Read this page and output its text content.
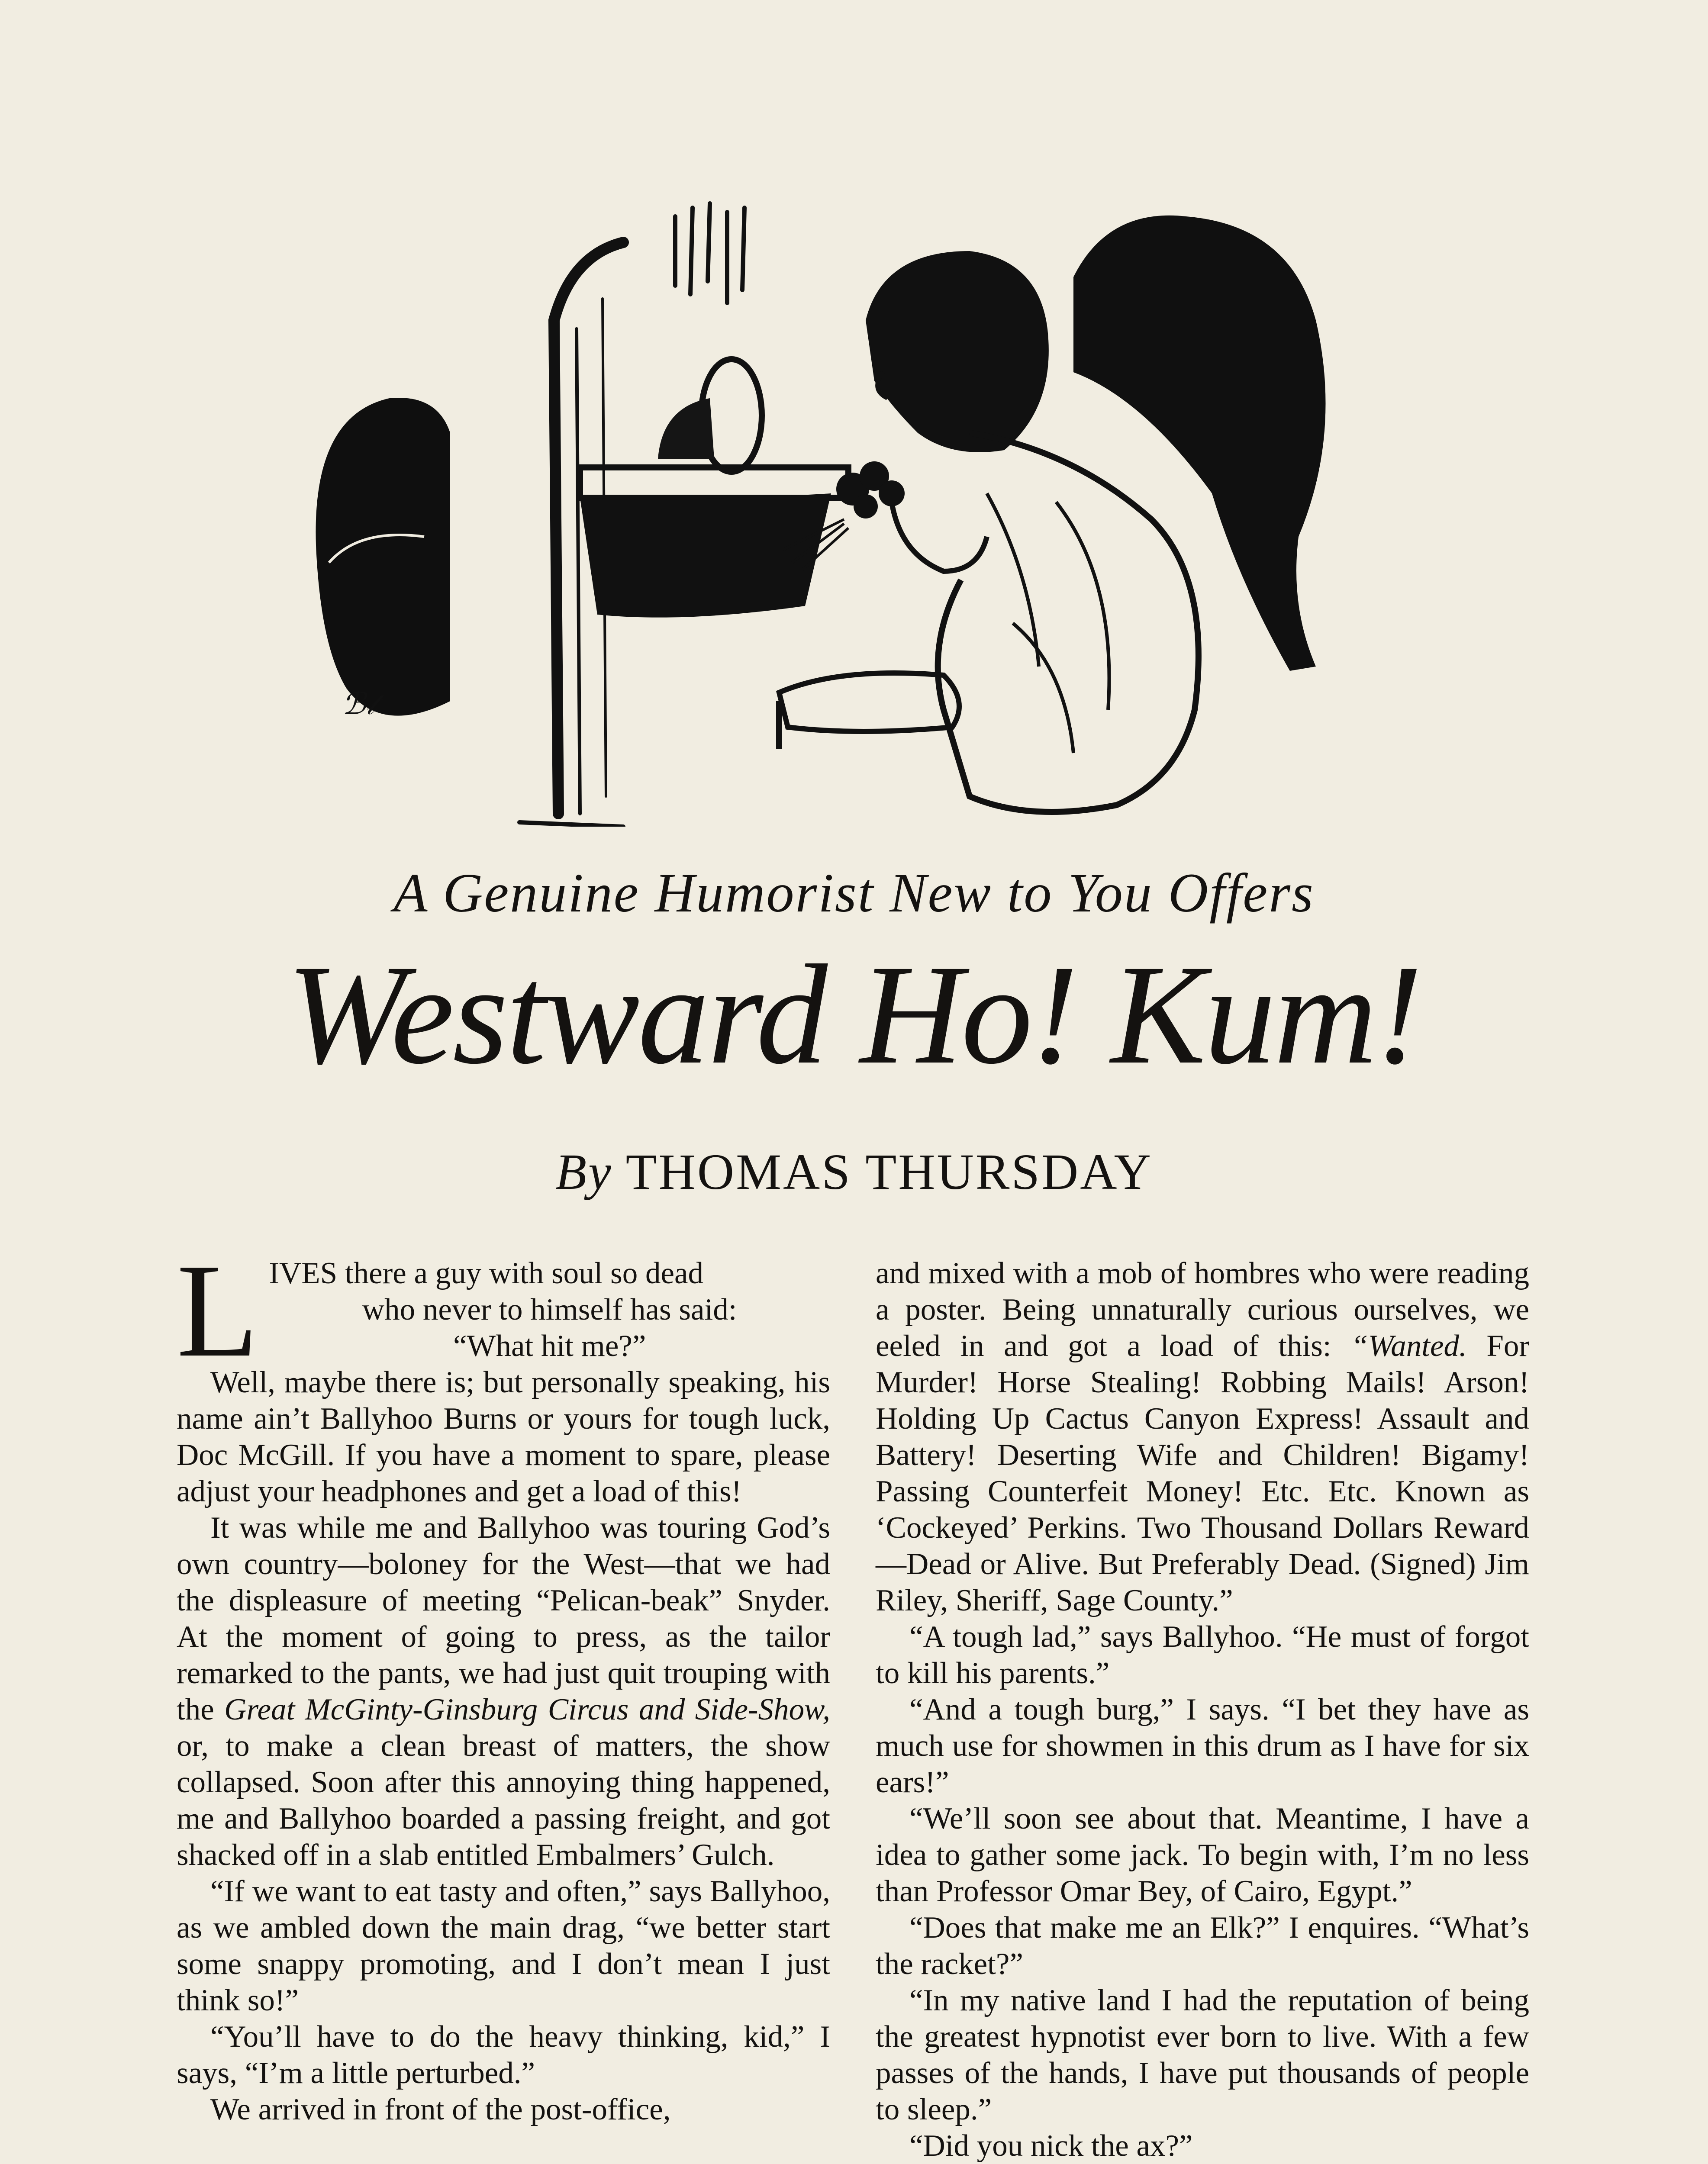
ℬ𝓉
A Genuine Humorist New to You Offers
Westward Ho! Kum!
By THOMAS THURSDAY
L IVES there a guy with soul so dead

who never to himself has said:

“What hit me?”

Well, maybe there is; but personally speaking, his name ain’t Ballyhoo Burns or yours for tough luck, Doc McGill. If you have a moment to spare, please adjust your headphones and get a load of this!

It was while me and Ballyhoo was touring God’s own country—boloney for the West—that we had the displeasure of meeting “Pelican-beak” Snyder. At the moment of going to press, as the tailor remarked to the pants, we had just quit trouping with the Great McGinty-Ginsburg Circus and Side-Show, or, to make a clean breast of matters, the show collapsed. Soon after this annoying thing happened, me and Ballyhoo boarded a passing freight, and got shacked off in a slab entitled Embalmers’ Gulch.

“If we want to eat tasty and often,” says Ballyhoo, as we ambled down the main drag, “we better start some snappy promoting, and I don’t mean I just think so!”

“You’ll have to do the heavy thinking, kid,” I says, “I’m a little perturbed.”

We arrived in front of the post-office,

and mixed with a mob of hombres who were reading a poster. Being unnaturally curious ourselves, we eeled in and got a load of this: “Wanted. For Murder! Horse Stealing! Robbing Mails! Arson! Holding Up Cactus Canyon Express! Assault and Battery! Deserting Wife and Children! Bigamy! Passing Counterfeit Money! Etc. Etc. Known as ‘Cockeyed’ Perkins. Two Thousand Dollars Reward—Dead or Alive. But Preferably Dead. (Signed) Jim Riley, Sheriff, Sage County.”

“A tough lad,” says Ballyhoo. “He must of forgot to kill his parents.”

“And a tough burg,” I says. “I bet they have as much use for showmen in this drum as I have for six ears!”

“We’ll soon see about that. Meantime, I have a idea to gather some jack. To begin with, I’m no less than Professor Omar Bey, of Cairo, Egypt.”

“Does that make me an Elk?” I enquires. “What’s the racket?”

“In my native land I had the reputation of being the greatest hypnotist ever born to live. With a few passes of the hands, I have put thousands of people to sleep.”

“Did you nick the ax?”
